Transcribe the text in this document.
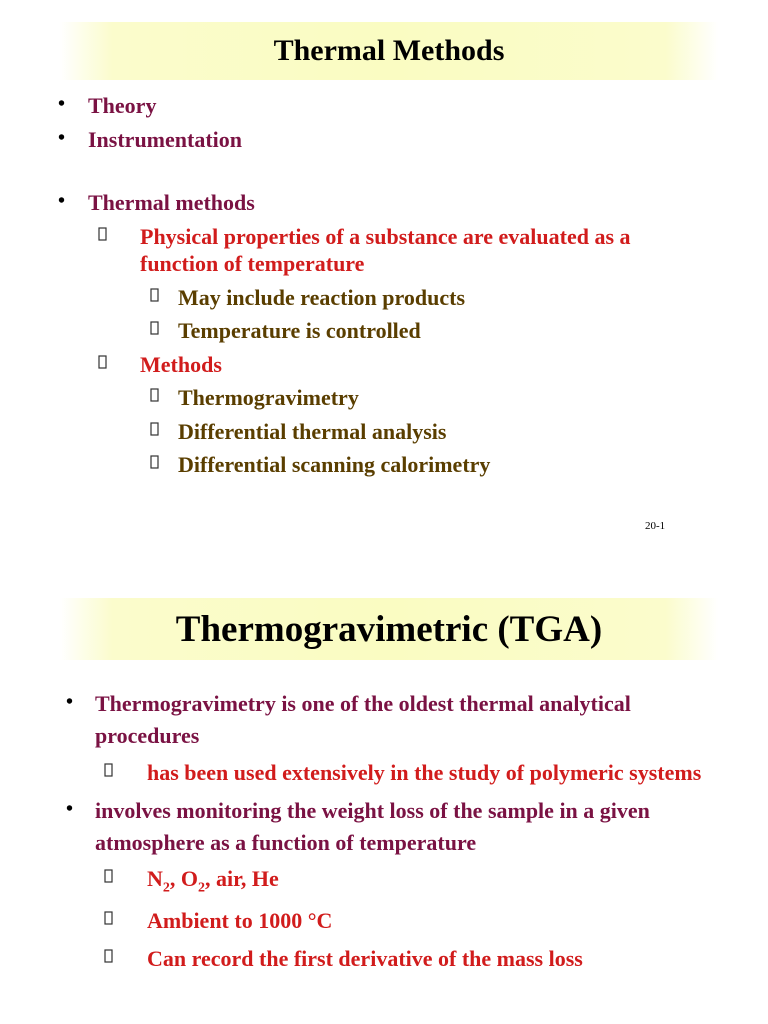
Thermal Methods
• Theory
• Instrumentation
• Thermal methods
Physical properties of a substance are evaluated as a function of temperature
May include reaction products
Temperature is controlled
Methods
Thermogravimetry
Differential thermal analysis
Differential scanning calorimetry
20-1
Thermogravimetric (TGA)
• Thermogravimetry is one of the oldest thermal analytical procedures
has been used extensively in the study of polymeric systems
• involves monitoring the weight loss of the sample in a given atmosphere as a function of temperature
$N_2$, $O_2$, air, He
Ambient to 1000 °C
Can record the first derivative of the mass loss
